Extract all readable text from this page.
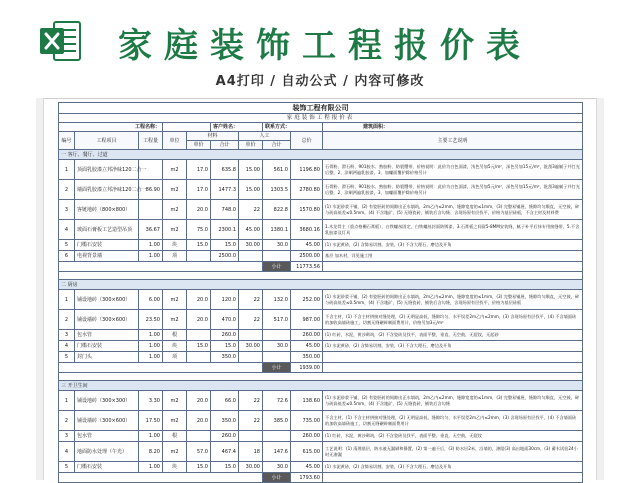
家庭装饰工程报价表
A4打印 / 自动公式 / 内容可修改
装饰工程有限公司									
家庭装饰工程报价表									
工程名称：					客户姓名：		联系方式：		建筑面积：
编号	工程项目	工程量	单位	材料		人工		总价	主要工艺说明
				单价	合计	单价	合计		
一 客厅、餐厅、过道									
1	顶面乳胶漆立邦净味120二合一		m2	17.0	635.8	15.00	561.0	1196.80	石膏粉、滑石粉、901胶水、熟胶粉、防裂绷带，价格说明：此价为白色面漆，浅色另加5元/m²，深色另加15元/m²，批刮3遍腻子并打光后整，2、涂刷两遍乳胶漆，3、加螺面覆护除价格另计
2	墙面乳胶漆立邦净味120二合一	86.90	m2	17.0	1477.3	15.00	1303.5	2780.80	石膏粉、滑石粉、901胶水、熟胶粉、防裂绷带，价格说明：此价为白色面漆，浅色另加5元/m²，深色另加15元/m²，批刮3遍腻子并打光后整，2、涂刷两遍乳胶漆，3、加螺面覆护除价格另计
3	客链地砖（800×800）		m2	20.0	748.0	22	822.8	1570.80	(1) 水泥砂浆干铺，(2) 有瓷胚砖的间隙出正水填筑，2m乙内≤2mm，缝隙宽度的≤1mm，(3) 完整易铺展，缝隙均匀顺直，无空鼓，碎与砖高低差≤0.5mm，(4) 不含地矿，(5) 无缝瓷砖，铺装后含勾缝、含现场原有层找平，价格为基层砖板，不含主材及材料费
4	玻面石膏板工艺造型吊顶	36.67	m2	75.0	2300.1	45.00	1380.1	3680.16	1.木龙骨主（重点格栅石膏板），白铁螺丝固定，白铁螺丝封面防锈漆，3.石膏板之间留5-8MM安装缝，腻子补平后抹专用接缝带，5.不含乳胶漆及灯具
5	门槛石安装	1.00	块	15.0	15.0	30.00	30.0	45.00	(1) 水泥黄砂，(2) 含简易切割，安装，(3) 不含大理石，磨边及开角
6	电视背景墙	1.00	项		2500.0			2500.00	基层 加木材，详见施工图
							小计	11773.56	

二 厨房									
1	铺设地砖（300×600）	6.00	m2	20.0	120.0	22	132.0	252.00	(1) 水泥砂浆干铺，(2) 有瓷胚砖的间隙出正水填筑，2m乙内≤2mm，缝隙宽度的≤1mm，(3) 完整易铺展，缝隙均匀顺直，无空鼓，碎与砖高低差≤0.5mm，(4) 不含地矿，(5) 无缝瓷砖，铺装后含勾缝，含现场原有层找平，价格为基层砖板
2	铺设墙砖（300×600）	23.50	m2	20.0	470.0	22	517.0	987.00	不含主材，(1) 不含主材拼接对缝处理，(2) 无明显高低，缝隙均匀，水平误差2m乙内≤2mm，(3) 含现场原有层找平，(4) 不含墙面砖的加收高墙砖施工，切割无缝碾碎制面费用计，价格另加3元/m²
3	包水管	1.00	根		260.0			260.00	(1) 红砖，水泥，黄沙砌筑，(2) 不含瓷砖及找平，表面平整，垂直，无空鼓，无裂纹，无起砂
4	门槛石安装	1.00	块	15.0	15.0	30.00	30.0	45.00	(1) 水泥黄砂，(2) 含简易切割，安装，(3) 不含大理石，磨边及开角
5	封门头	1.00	项		350.0			350.00	
							小计	1939.00	

三 开卫生间									
1	铺设地砖（300×300）	3.30	m2	20.0	66.0	22	72.6	138.60	(1) 水泥砂浆干铺，(2) 有瓷胚砖的间隙出正水填筑，2m乙内≤2mm，缝隙宽度的≤1mm，(3) 完整易铺展，缝隙均匀顺直，无空鼓，碎与砖高低差≤0.5mm，(4) 不含地矿，(5) 无缝瓷砖，铺装后含勾缝
2	铺设墙砖（300×600）	17.50	m2	20.0	350.0	22	385.0	735.00	不含主材，(1) 不含主材拼接对缝处理，(2) 无明显高低，缝隙均匀，水平误差2m乙内≤2mm，(3) 含现场原有层找平，(4) 不含墙面砖的加收高墙砖施工，切割无缝碾碎制面费用计
3	包水管	1.00	根		260.0			260.00	(1) 红砖，水泥，黄沙砌筑，(2) 不含瓷砖及找平，表面平整，垂直，无空鼓，无裂纹
4	地面防水处理（午光）	8.20	m2	57.0	467.4	18	147.6	615.00	工艺说明：(1) 清理基层，防水液无漏刷和静置，(2) 第一遍干后，(3) 防水层2米，沿墙的，渗阻(3) 高出地面30cm，(3) 蓄水试验24小时无渗漏
5	门槛石安装	1.00	块	15.0	15.0	30.00	30.0	45.00	(1) 水泥黄砂，(2) 含简易切割，安装，(3) 不含大理石，磨边及开角
							小计	1793.60	
